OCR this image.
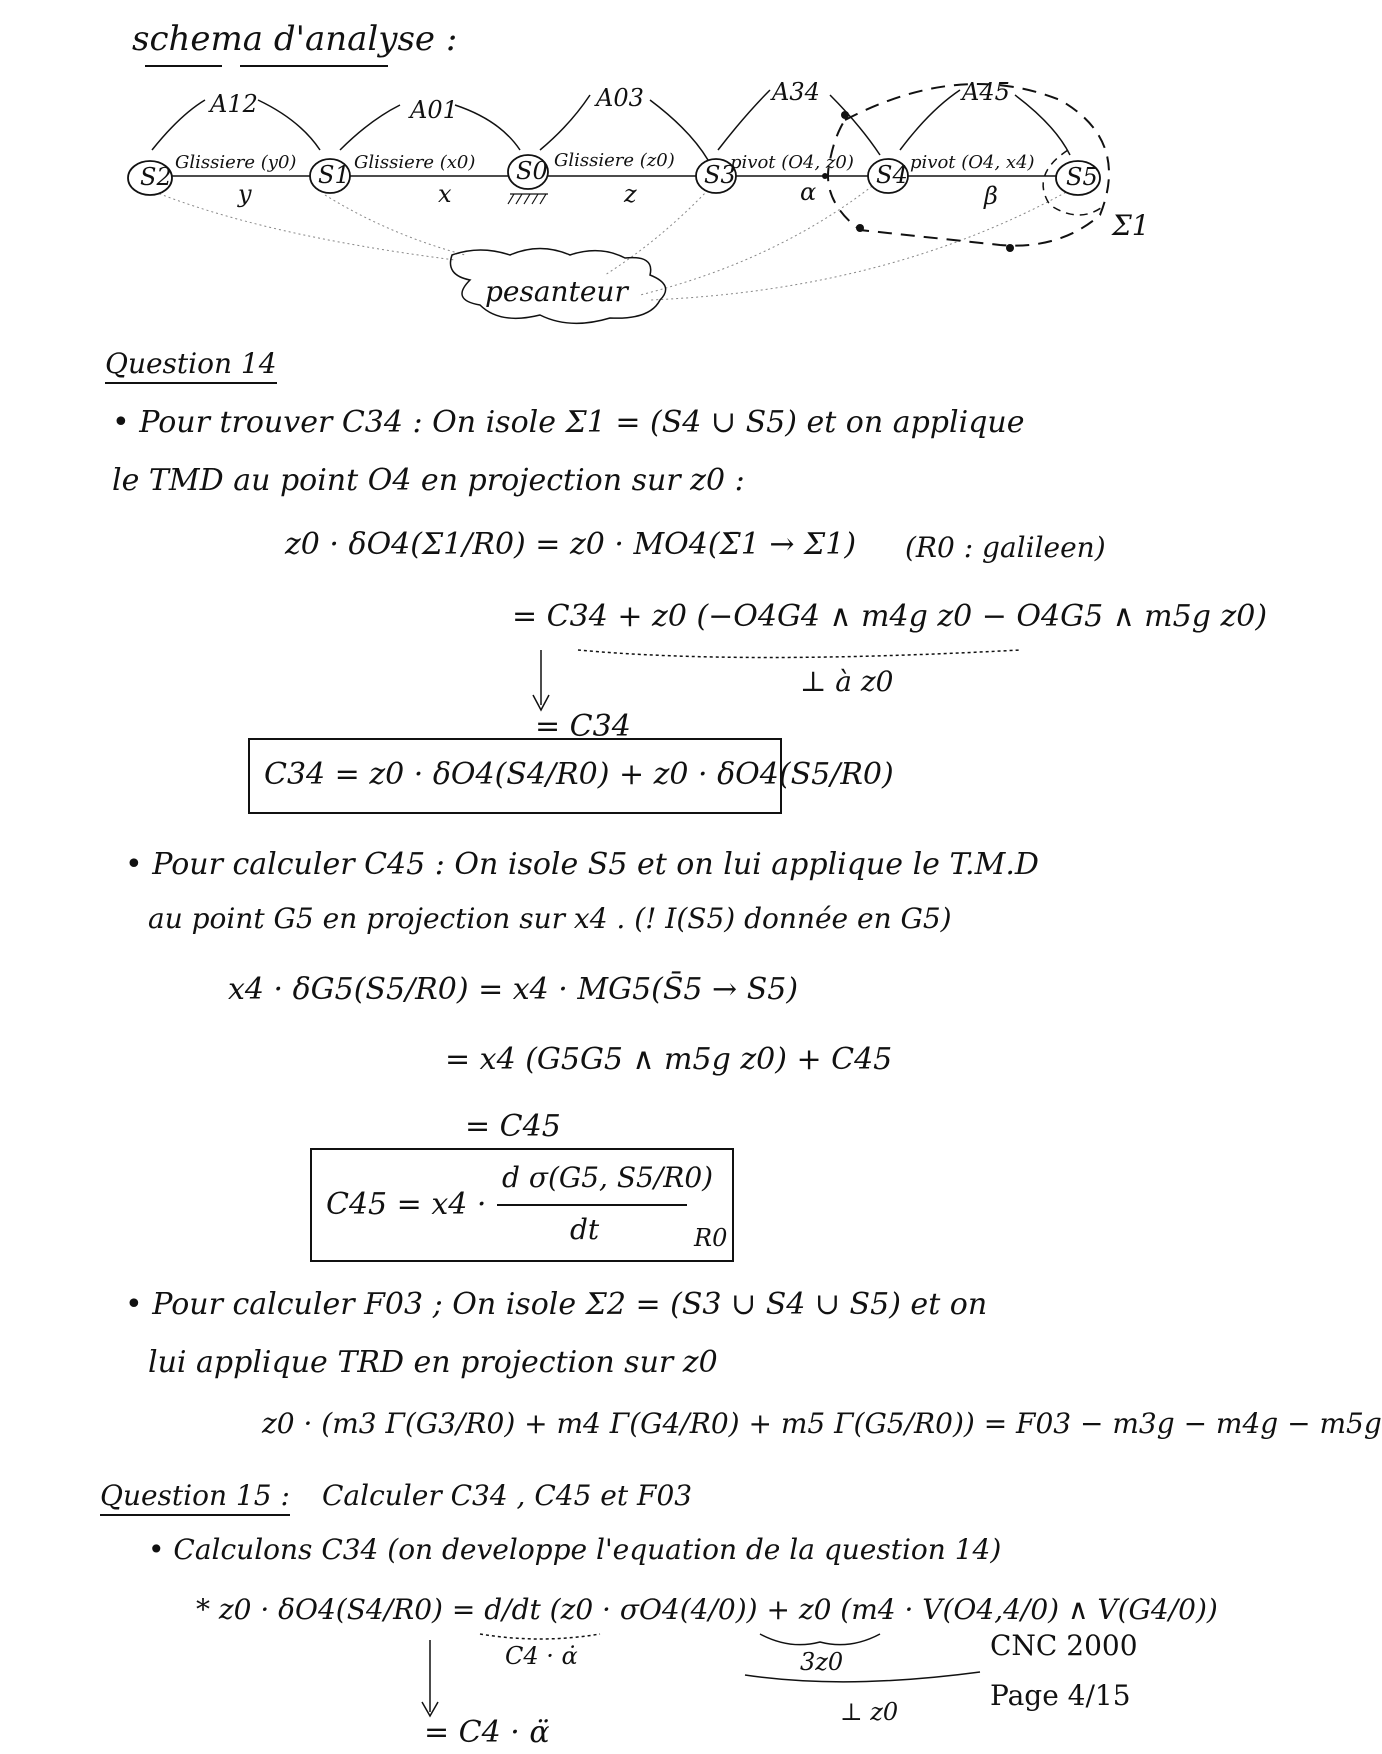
schema d'analyse :
S2	S1	S0	S3	S4	S5
Glissiere (y0)	Glissiere (x0)	Glissiere (z0)	pivot (O4, z0)	pivot (O4, x4)
y	x	z	α	β
A12	A01	A03	A34	A45
pesanteur
Σ1
Question 14
• Pour trouver C34 : On isole Σ1 = (S4 ∪ S5) et on applique
le TMD au point O4 en projection sur z0 :
z0 · δO4(Σ1/R0) = z0 · MO4(Σ̄1 → Σ1) (R0 : galileen)
= C34 + z0 (−O4G4 ∧ m4g z0 − O4G5 ∧ m5g z0)
⊥ à z0
= C34
C34 = z0 · δO4(S4/R0) + z0 · δO4(S5/R0)
• Pour calculer C45 : On isole S5 et on lui applique le T.M.D
au point G5 en projection sur x4 . (! I(S5) donnée en G5)
x4 · δG5(S5/R0) = x4 · MG5(S̄5 → S5)
= x4 (G5G5 ∧ m5g z0) + C45
= C45
C45 = x4 ·
d σ(G5, S5/R0)
dt	R0
• Pour calculer F03 ; On isole Σ2 = (S3 ∪ S4 ∪ S5) et on
lui applique TRD en projection sur z0
z0 · (m3 Γ(G3/R0) + m4 Γ(G4/R0) + m5 Γ(G5/R0)) = F03 − m3g − m4g − m5g
Question 15 : Calculer C34 , C45 et F03
• Calculons C34 (on developpe l'equation de la question 14)
* z0 · δO4(S4/R0) = d/dt (z0 · σO4(4/0)) + z0 (m4 · V(O4,4/0) ∧ V(G4/0))
C4 · α̇	3z0
⊥ z0
= C4 · α̈
CNC 2000
Page 4/15
